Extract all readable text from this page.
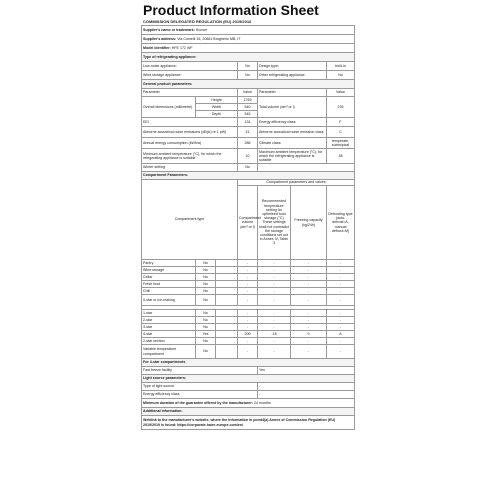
Product Information Sheet
COMMISSION DELEGATED REGULATION (EU) 2019/2016
Supplier's name or trademark: Hoover						
Supplier's address: Via Comelli 16, 20861 Brugherio MB, IT						
Model identifier: HFE 172 WF						
Type of refrigerating appliance:						
Low-noise appliance:			No	Design type:		built-in
Wine storage appliance:			No	Other refrigerating appliance:		No
General product parameters:						
Parameter			Value	Parameter		Value
Overall dimensions (millimetre)	Height		1769	Total volume (dm³ or l)		235
	Width		540			
	Depth		545			
EEI			134	Energy efficiency class		F
Airborne acoustical noise emissions (dB(A) re 1 pW)			41	Airborne acoustical noise emission class		C
Annual energy consumption (kWh/a)			286	Climate class:		temperate, subtropical
Minimum ambient temperature (°C), for which the refrigerating appliance is suitable			10	Maximum ambient temperature (°C), for which the refrigerating appliance is suitable		38
Winter setting			No			
Compartment Parameters:						
Compartment type			Compartment parameters and values			
			Compartment volume (dm³ or l)	Recommended temperature setting for optimised food storage (°C) These settings shall not contradict the storage conditions set out in Annex IV, Table 3	Freezing capacity (kg/24h)	Defrosting type (auto-defrost=A, manual defrost=M)
Pantry	No		-	-	-	-
Wine storage	No		-	-	-	-
Cellar	No		-	-	-	-
Fresh food	No		-	-	-	-
Chill	No		-	-	-	-
0-star or ice-making	No		-	-	-	-

1-star	No		-	-	-	-
2-star	No		-	-	-	-
3-star	No		-	-	-	-
4-star	Yes		200	-18	9	A
2-star section	No		-	-	-	-
Variable temperature compartment	No		-	-	-	-
For 4-star compartments						
Fast freeze facility				Yes		
Light source parameters:						
Type of light source				-		
Energy efficiency class				-		
Minimum duration of the guarantee offered by the manufacturer: 24 months						
Additional information:						
Weblink to the manufacturer's website, where the information in point4(a) Annex of Commission Regulation (EU) 2019/2019 is found: https://corporate.haier-europe.com/en/						
